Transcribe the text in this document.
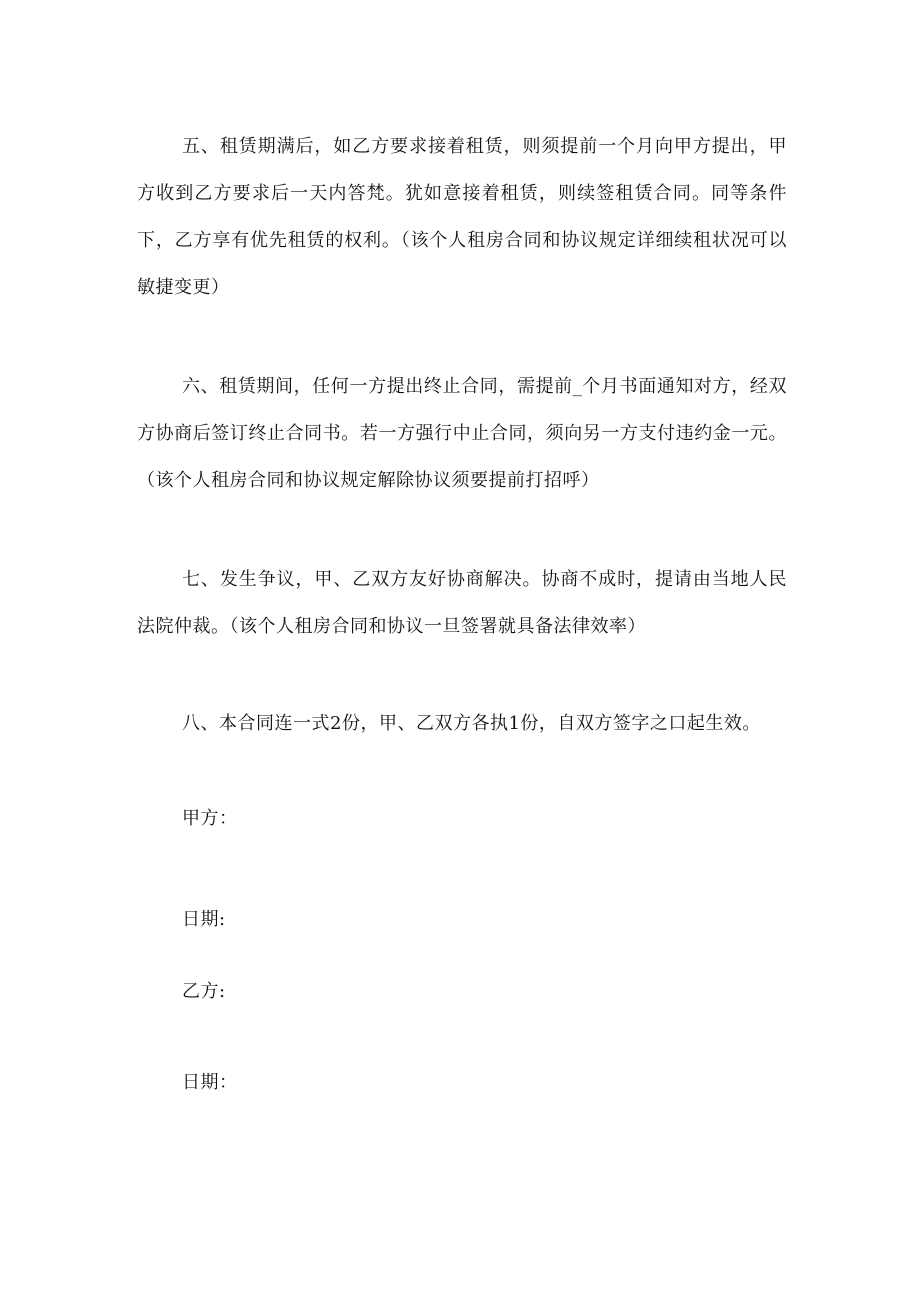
五、租赁期满后，如乙方要求接着租赁，则须提前一个月向甲方提出，甲方收到乙方要求后一天内答梵。犹如意接着租赁，则续签租赁合同。同等条件下，乙方享有优先租赁的权利。（该个人租房合同和协议规定详细续租状况可以敏捷变更）

六、租赁期间，任何一方提出终止合同，需提前_个月书面通知对方，经双方协商后签订终止合同书。若一方强行中止合同，须向另一方支付违约金一元。（该个人租房合同和协议规定解除协议须要提前打招呼）

七、发生争议，甲、乙双方友好协商解决。协商不成时，提请由当地人民法院仲裁。（该个人租房合同和协议一旦签署就具备法律效率）

八、本合同连一式2份，甲、乙双方各执1份，自双方签字之口起生效。

甲方：

日期:

乙方:

日期：
